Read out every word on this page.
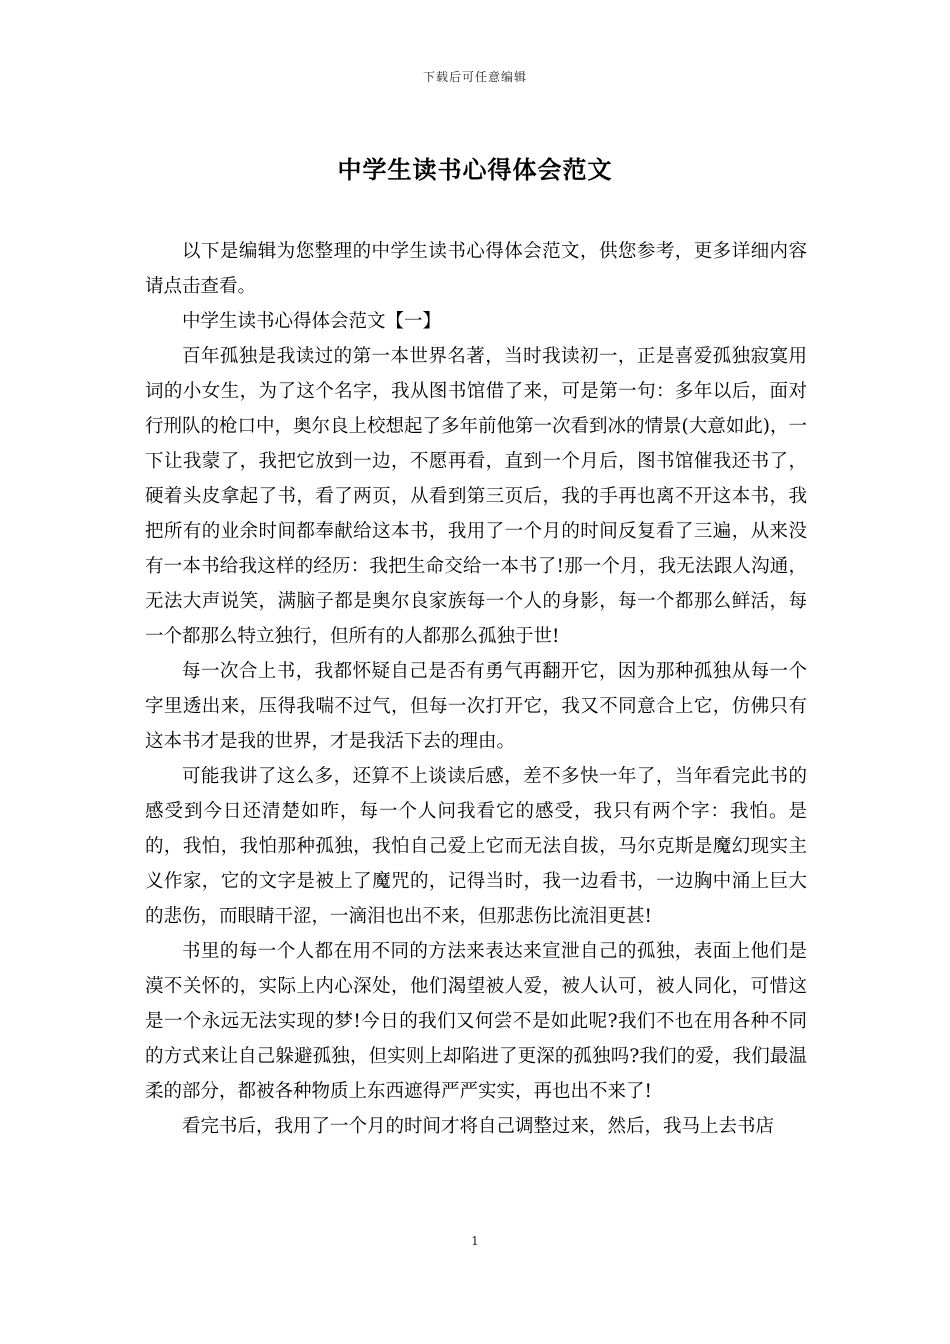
下载后可任意编辑
中学生读书心得体会范文

以下是编辑为您整理的中学生读书心得体会范文，供您参考，更多详细内容请点击查看。

中学生读书心得体会范文【一】

百年孤独是我读过的第一本世界名著，当时我读初一，正是喜爱孤独寂寞用词的小女生，为了这个名字，我从图书馆借了来，可是第一句：多年以后，面对行刑队的枪口中，奥尔良上校想起了多年前他第一次看到冰的情景(大意如此)，一下让我蒙了，我把它放到一边，不愿再看，直到一个月后，图书馆催我还书了，硬着头皮拿起了书，看了两页，从看到第三页后，我的手再也离不开这本书，我把所有的业余时间都奉献给这本书，我用了一个月的时间反复看了三遍，从来没有一本书给我这样的经历：我把生命交给一本书了!那一个月，我无法跟人沟通，无法大声说笑，满脑子都是奥尔良家族每一个人的身影，每一个都那么鲜活，每一个都那么特立独行，但所有的人都那么孤独于世!

每一次合上书，我都怀疑自己是否有勇气再翻开它，因为那种孤独从每一个字里透出来，压得我喘不过气，但每一次打开它，我又不同意合上它，仿佛只有这本书才是我的世界，才是我活下去的理由。

可能我讲了这么多，还算不上谈读后感，差不多快一年了，当年看完此书的感受到今日还清楚如昨，每一个人问我看它的感受，我只有两个字：我怕。是的，我怕，我怕那种孤独，我怕自己爱上它而无法自拔，马尔克斯是魔幻现实主义作家，它的文字是被上了魔咒的，记得当时，我一边看书，一边胸中涌上巨大的悲伤，而眼睛干涩，一滴泪也出不来，但那悲伤比流泪更甚!

书里的每一个人都在用不同的方法来表达来宣泄自己的孤独，表面上他们是漠不关怀的，实际上内心深处，他们渴望被人爱，被人认可，被人同化，可惜这是一个永远无法实现的梦!今日的我们又何尝不是如此呢?我们不也在用各种不同的方式来让自己躲避孤独，但实则上却陷进了更深的孤独吗?我们的爱，我们最温柔的部分，都被各种物质上东西遮得严严实实，再也出不来了!

看完书后，我用了一个月的时间才将自己调整过来，然后，我马上去书店

1
